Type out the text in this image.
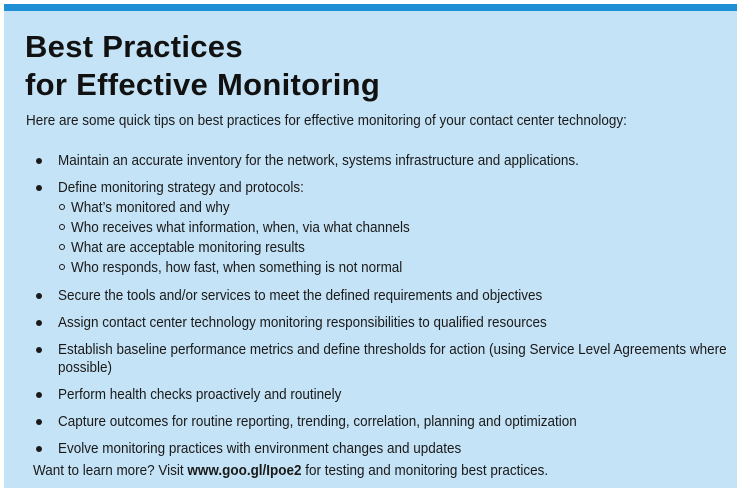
Best Practices
for Effective Monitoring

Here are some quick tips on best practices for effective monitoring of your contact center technology:

Maintain an accurate inventory for the network, systems infrastructure and applications.
Define monitoring strategy and protocols:
What’s monitored and why
Who receives what information, when, via what channels
What are acceptable monitoring results
Who responds, how fast, when something is not normal
Secure the tools and/or services to meet the defined requirements and objectives
Assign contact center technology monitoring responsibilities to qualified resources
Establish baseline performance metrics and define thresholds for action (using Service Level Agreements where possible)
Perform health checks proactively and routinely
Capture outcomes for routine reporting, trending, correlation, planning and optimization
Evolve monitoring practices with environment changes and updates

Want to learn more? Visit www.goo.gl/Ipoe2 for testing and monitoring best practices.
